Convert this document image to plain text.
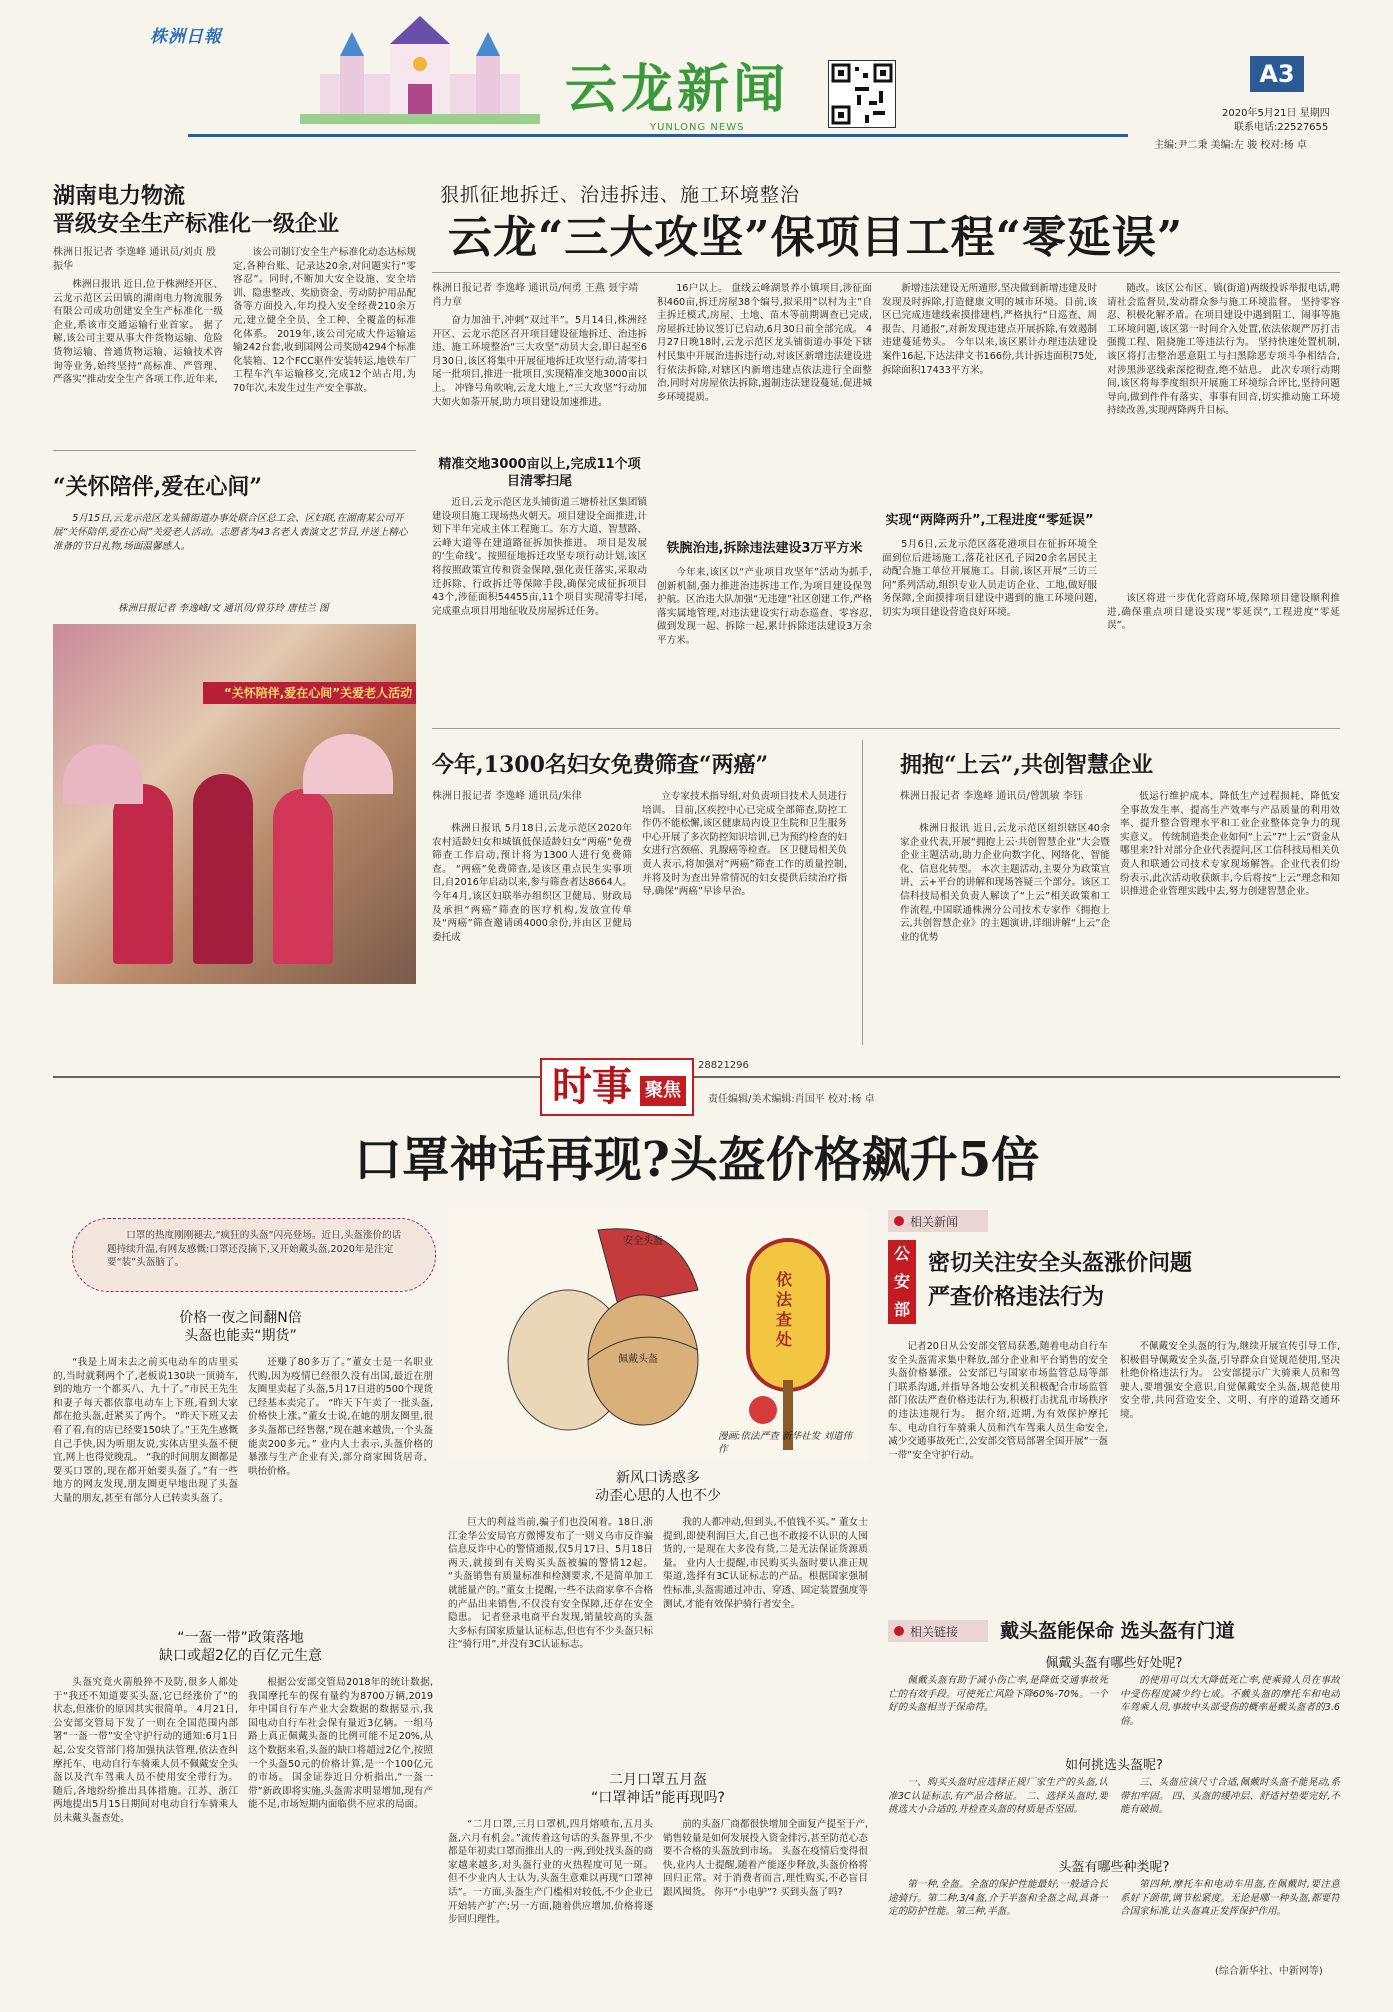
株洲日報
云龙新闻
YUNLONG NEWS
A3
2020年5月21日 星期四
联系电话:22527655
主编:尹二秉 美编:左 骏 校对:杨 卓
湖南电力物流
晋级安全生产标准化一级企业
株洲日报记者 李逸峰 通讯员/刘贞 殷振华
株洲日报讯 近日,位于株洲经开区、云龙示范区云田镇的湖南电力物流服务有限公司成功创建安全生产标准化一级企业,系该市交通运输行业首家。 据了解,该公司主要从事大件货物运输、危险货物运输、普通货物运输、运输技术咨询等业务,始终坚持“高标准、严管理、严落实”推动安全生产各项工作,近年来,
该公司制订安全生产标准化动态达标规定,各种台账、记录达20余,对问题实行“零容忍”。同时,不断加大安全设施、安全培训、隐患整改、奖励资金、劳动防护用品配备等方面投入,年均投入安全经费210余万元,建立健全全员、全工种、全覆盖的标准化体系。 2019年,该公司完成大件运输运输242台套,收到国网公司奖励4294个标准化装箱、12个FCC驱件安装转运,地铁车厂工程车汽车运输移交,完成12个站占用,为70年次,未发生过生产安全事故。
“关怀陪伴,爱在心间”
5月15日,云龙示范区龙头铺街道办事处联合区总工会、区妇联,在湖南某公司开展“关怀陪伴,爱在心间”关爱老人活动。志愿者为43名老人表演文艺节目,并送上精心准备的节日礼物,场面温馨感人。
株洲日报记者 李逸峰/文 通讯员/曾芬玲 唐桂兰 图
“关怀陪伴,爱在心间”关爱老人活动
狠抓征地拆迁、治违拆违、施工环境整治
云龙“三大攻坚”保项目工程“零延误”
株洲日报记者 李逸峰 通讯员/何勇 王燕 聂宇靖 肖力章
奋力加油干,冲刺“双过半”。5月14日,株洲经开区、云龙示范区召开项目建设征地拆迁、治违拆违、施工环境整治“三大攻坚”动员大会,即日起至6月30日,该区将集中开展征地拆迁攻坚行动,清零扫尾一批项目,推进一批项目,实现精准交地3000亩以上。 冲锋号角吹响,云龙大地上,“三大攻坚”行动加大如火如荼开展,助力项目建设加速推进。
精准交地3000亩以上,完成11个项目清零扫尾
近日,云龙示范区龙头铺街道三塘桥社区集团镇建设项目施工现场热火朝天。项目建设全面推进,计划下半年完成主体工程施工。东方大道、智慧路、云峰大道等在建道路征拆加快推进。 项目是发展的‘生命线’。按照征地拆迁攻坚专项行动计划,该区将按照政策宣传和资金保障,强化责任落实,采取动迁拆除、行政拆迁等保障手段,确保完成征拆项目43个,涉征面积54455亩,11个项目实现清零扫尾,完成重点项目用地征收及房屋拆迁任务。
16户以上。 盘线云峰湖景养小镇项目,涉征面积460亩,拆迁房屋38个编号,拟采用“以村为主”自主拆迁模式,房屋、土地、苗木等前期调查已完成,房屋拆迁协议签订已启动,6月30日前全部完成。 4月27日晚18时,云龙示范区龙头铺街道办事处下辖村民集中开展治违拆违行动,对该区新增违法建设进行依法拆除,对辖区内新增违建点依法进行全面整治,同时对房屋依法拆除,遏制违法建设蔓延,促进城乡环境提质。
铁腕治违,拆除违法建设3万平方米
今年来,该区以“产业项目攻坚年”活动为抓手,创新机制,强力推进治违拆违工作,为项目建设保驾护航。区治违大队加强“无违建”社区创建工作,严格落实属地管理,对违法建设实行动态巡查、零容忍,做到发现一起、拆除一起,累计拆除违法建设3万余平方米。
新增违法建设无所遁形,坚决做到新增违建及时发现及时拆除,打造健康文明的城市环境。目前,该区已完成违建线索摸排建档,严格执行“日巡查、周报告、月通报”,对新发现违建点开展拆除,有效遏制违建蔓延势头。 今年以来,该区累计办理违法建设案件16起,下达法律文书166份,共计拆违面积75处,拆除面积17433平方米。
实现“两降两升”,工程进度“零延误”
5月6日,云龙示范区落花港项目在征拆环境全面到位后进场施工,落花社区孔子园20余名居民主动配合施工单位开展施工。目前,该区开展“三访三问”系列活动,组织专业人员走访企业、工地,做好服务保障,全面摸排项目建设中遇到的施工环境问题,切实为项目建设营造良好环境。
随改。该区公布区、镇(街道)两级投诉举报电话,聘请社会监督员,发动群众参与施工环境监督。 坚持零容忍、积极化解矛盾。在项目建设中遇到阻工、闹事等施工环境问题,该区第一时间介入处置,依法依规严厉打击强揽工程、阻挠施工等违法行为。 坚持快速处置机制,该区将打击整治恶意阻工与扫黑除恶专项斗争相结合,对涉黑涉恶线索深挖彻查,绝不姑息。 此次专项行动期间,该区将每季度组织开展施工环境综合评比,坚持问题导向,做到件件有落实、事事有回音,切实推动施工环境持续改善,实现两降两升目标。
该区将进一步优化营商环境,保障项目建设顺利推进,确保重点项目建设实现“零延误”,工程进度“零延误”。
今年,1300名妇女免费筛查“两癌”
株洲日报记者 李逸峰 通讯员/朱律
株洲日报讯 5月18日,云龙示范区2020年农村适龄妇女和城镇低保适龄妇女“两癌”免费筛查工作启动,预计将为1300人进行免费筛查。 “两癌”免费筛查,是该区重点民生实事项目,自2016年启动以来,参与筛查者达8664人。今年4月,该区妇联举办组织区卫健局、财政局及承担“两癌”筛查的医疗机构,发放宣传单及“两癌”筛查邀请函4000余份,并由区卫健局委托成
立专家技术指导组,对负责项目技术人员进行培训。 目前,区疾控中心已完成全部筛查,防控工作仍不能松懈,该区健康局内设卫生院和卫生服务中心开展了多次防控知识培训,已为预约检查的妇女进行宫颈癌、乳腺癌等检查。 区卫健局相关负责人表示,将加强对“两癌”筛查工作的质量控制,并将及时为查出异常情况的妇女提供后续治疗指导,确保“两癌”早诊早治。
拥抱“上云”,共创智慧企业
株洲日报记者 李逸峰 通讯员/曾凯敏 李钰
株洲日报讯 近日,云龙示范区组织辖区40余家企业代表,开展“拥抱上云·共创智慧企业”大会暨企业主题活动,助力企业向数字化、网络化、智能化、信息化转型。 本次主题活动,主要分为政策宣讲、云+平台的讲解和现场答疑三个部分。该区工信科技局相关负责人解读了“上云”相关政策和工作流程,中国联通株洲分公司技术专家作《拥抱上云,共创智慧企业》的主题演讲,详细讲解“上云”企业的优势
低运行维护成本、降低生产过程损耗、降低安全事故发生率、提高生产效率与产品质量的利用效率、提升整合管理水平和工业企业整体竞争力的现实意义。 传统制造类企业如何“上云”?“上云”资金从哪里来?针对部分企业代表提问,区工信科技局相关负责人和联通公司技术专家现场解答。企业代表们纷纷表示,此次活动收获颇丰,今后将按“上云”理念和知识推进企业管理实践中去,努力创建智慧企业。
时事 聚焦
28821296
责任编辑/美术编辑:肖国平 校对:杨 卓
口罩神话再现?头盔价格飙升5倍
口罩的热度刚刚褪去,“疯狂的头盔”闪亮登场。近日,头盔涨价的话题持续升温,有网友感慨:口罩还没摘下,又开始戴头盔,2020年是注定要“装”头盔脑了。
价格一夜之间翻N倍
头盔也能卖“期货”
“我是上周末去之前买电动车的店里买的,当时就剩两个了,老板说130块一顶骑车,到的地方一个都买八、九十了。”市民王先生和妻子每天都依靠电动车上下班,看到大家都在抢头盔,赶紧买了两个。 “昨天下班又去看了看,有的店已经要150块了。”王先生感慨自己手快,因为听朋友说,实体店里头盔不便宜,网上也得觉晚乱。 “我的时间朋友圈都是要买口罩的,现在都开始要头盔了。”有一些地方的网友发现,朋友圈更早地出现了头盔大量的朋友,甚至有部分人已转卖头盔了。
还赚了80多万了。”董女士是一名职业代购,因为疫情已经很久没有出国,最近在朋友圈里卖起了头盔,5月17日进的500个现货已经基本卖完了。 “昨天下午卖了一批头盔,价格快上涨。”董女士说,在她的朋友圈里,很多头盔都已经售罄,“现在越来越贵,一个头盔能卖200多元。” 业内人士表示,头盔价格的暴涨与生产企业有关,部分商家囤货居奇、哄抬价格。
“一盔一带”政策落地
缺口或超2亿的百亿元生意
头盔究竟火箭般猝不及防,很多人都处于“我还不知道要买头盔,它已经涨价了”的状态,但涨价的原因其实很简单。 4月21日,公安部交管局下发了一则在全国范围内部署“一盔一带”安全守护行动的通知:6月1日起,公安交管部门将加强执法管理,依法查纠摩托车、电动自行车骑乘人员不佩戴安全头盔以及汽车驾乘人员不使用安全带行为。 随后,各地纷纷推出具体措施。江苏、浙江两地提出5月15日期间对电动自行车骑乘人员未戴头盔查处。
根据公安部交管局2018年的统计数据,我国摩托车的保有量约为8700万辆,2019年中国自行车产业大会数据的数据显示,我国电动自行车社会保有量近3亿辆。一组马路上真正佩戴头盔的比例可能不足20%,从这个数据来看,头盔的缺口将超过2亿个,按照一个头盔50元的价格计算,是一个100亿元的市场。 国金证券近日分析指出,“一盔一带”新政即将实施,头盔需求明显增加,现有产能不足,市场短期内面临供不应求的局面。
安全头盔
佩戴头盔
依法查处
漫画:依法严查 新华社发 刘道伟 作
新风口诱惑多
动歪心思的人也不少
巨大的利益当前,骗子们也没闲着。18日,浙江金华公安局官方微博发布了一则义乌市反诈骗信息反诈中心的警情通报,仅5月17日、5月18日两天,就接到有关购买头盔被骗的警情12起。 “头盔销售有质量标准和检测要求,不是简单加工就能量产的。”董女士提醒,一些不法商家拿不合格的产品出来销售,不仅没有安全保障,还存在安全隐患。 记者登录电商平台发现,销量较高的头盔大多标有国家质量认证标志,但也有不少头盔只标注“骑行用”,并没有3C认证标志。
我的人都冲动,但到头,不值钱不买。” 董女士提到,即使利润巨大,自己也不敢接不认识的人囤货的,一是现在大多没有货,二是无法保证货源质量。 业内人士提醒,市民购买头盔时要认准正规渠道,选择有3C认证标志的产品。根据国家强制性标准,头盔需通过冲击、穿透、固定装置强度等测试,才能有效保护骑行者安全。
二月口罩五月盔
“口罩神话”能再现吗?
“二月口罩,三月口罩机,四月熔喷布,五月头盔,六月有机会。”流传着这句话的头盔界里,不少都是年初卖口罩而推出人的一两,到处找头盔的商家越来越多,对头盔行业的火热程度可见一斑。 但不少业内人士认为,头盔生意难以再现“口罩神话”。一方面,头盔生产门槛相对较低,不少企业已开始转产扩产;另一方面,随着供应增加,价格将逐步回归理性。
前的头盔厂商都很快增加全面复产提至于产,销售较量是如何发展投入资金排污,甚至防范心态要不合格的头盔放到市场。 头盔在疫情后变得很快,业内人士提醒,随着产能逐步释放,头盔价格将回归正常。对于消费者而言,理性购买,不必盲目跟风囤货。 你开“小电驴”? 买到头盔了吗?
相关新闻
公安部
密切关注安全头盔涨价问题
严查价格违法行为
记者20日从公安部交管局获悉,随着电动自行车安全头盔需求集中释放,部分企业和平台销售的安全头盔价格暴涨。公安部已与国家市场监管总局等部门联系沟通,并指导各地公安机关积极配合市场监管部门依法严查价格违法行为,积极打击扰乱市场秩序的违法违规行为。 据介绍,近期,为有效保护摩托车、电动自行车骑乘人员和汽车驾乘人员生命安全,减少交通事故死亡,公安部交管局部署全国开展“一盔一带”安全守护行动。
不佩戴安全头盔的行为,继续开展宣传引导工作,积极倡导佩戴安全头盔,引导群众自觉规范使用,坚决杜绝价格违法行为。 公安部提示广大骑乘人员和驾驶人,要增强安全意识,自觉佩戴安全头盔,规范使用安全带,共同营造安全、文明、有序的道路交通环境。
相关链接 戴头盔能保命 选头盔有门道
佩戴头盔有哪些好处呢?
佩戴头盔有助于减小伤亡率,是降低交通事故死亡的有效手段。可使死亡风险下降60%-70%。一个好的头盔相当于保命符。
的使用可以大大降低死亡率,使乘骑人员在事故中受伤程度减少约七成。不戴头盔的摩托车和电动车驾乘人员,事故中头部受伤的概率是戴头盔者的3.6倍。
如何挑选头盔呢?
一、购买头盔时应选择正规厂家生产的头盔,认准3C认证标志,有产品合格证。 二、选择头盔时,要挑选大小合适的,并检查头盔的材质是否坚固。
三、头盔应该尺寸合适,佩戴时头盔不能晃动,系带扣牢固。 四、头盔的缓冲层、舒适衬垫要完好,不能有破损。
头盔有哪些种类呢?
第一种,全盔。全盔的保护性能最好,一般适合长途骑行。第二种,3/4盔,介于半盔和全盔之间,具备一定的防护性能。第三种,半盔。
第四种,摩托车和电动车用盔,在佩戴时,要注意系好下颌带,调节松紧度。无论是哪一种头盔,都要符合国家标准,让头盔真正发挥保护作用。
(综合新华社、中新网等)
